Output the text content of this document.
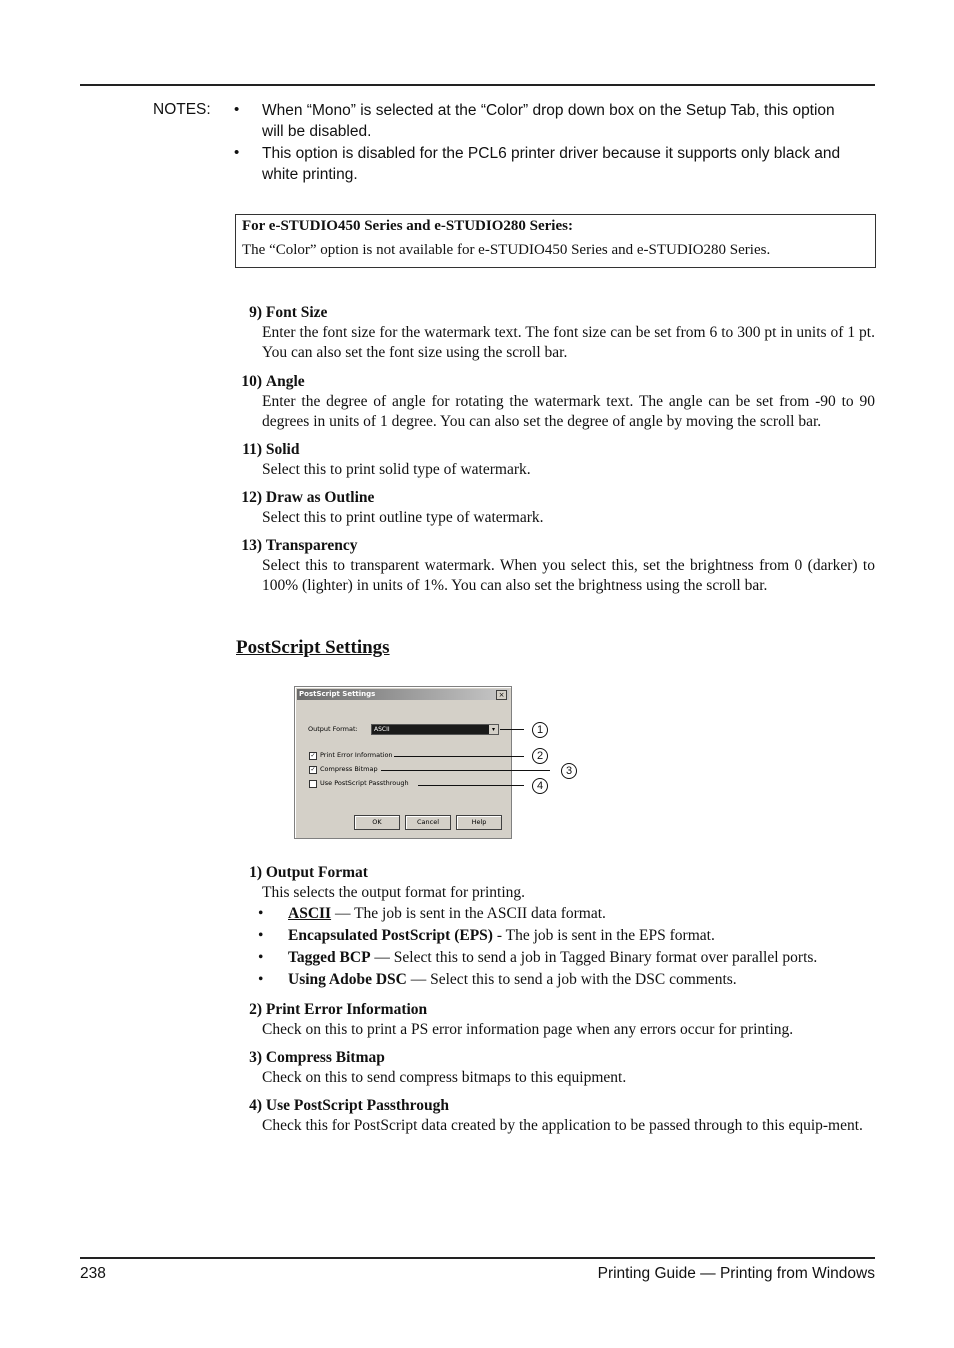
NOTES: • When “Mono” is selected at the “Color” drop down box on the Setup Tab, this option
will be disabled.
• This option is disabled for the PCL6 printer driver because it supports only black and
white printing.
For e-STUDIO450 Series and e-STUDIO280 Series:
The “Color” option is not available for e-STUDIO450 Series and e-STUDIO280 Series.
9) Font Size
Enter the font size for the watermark text. The font size can be set from 6 to 300 pt in units of 1 pt. You can also set the font size using the scroll bar.
10) Angle
Enter the degree of angle for rotating the watermark text. The angle can be set from -90 to 90 degrees in units of 1 degree. You can also set the degree of angle by moving the scroll bar.
11) Solid
Select this to print solid type of watermark.
12) Draw as Outline
Select this to print outline type of watermark.
13) Transparency
Select this to transparent watermark. When you select this, set the brightness from 0 (darker) to 100% (lighter) in units of 1%. You can also set the brightness using the scroll bar.
PostScript Settings
PostScript Settings	×
Output Format:	ASCII	▾
✓ Print Error Information
✓ Compress Bitmap
Use PostScript Passthrough
OK	Cancel	Help
1
2
3
4
1) Output Format
This selects the output format for printing.
• ASCII — The job is sent in the ASCII data format.
• Encapsulated PostScript (EPS) - The job is sent in the EPS format.
• Tagged BCP — Select this to send a job in Tagged Binary format over parallel ports.
• Using Adobe DSC — Select this to send a job with the DSC comments.
2) Print Error Information
Check on this to print a PS error information page when any errors occur for printing.
3) Compress Bitmap
Check on this to send compress bitmaps to this equipment.
4) Use PostScript Passthrough
Check this for PostScript data created by the application to be passed through to this equip-ment.
238	Printing Guide — Printing from Windows
